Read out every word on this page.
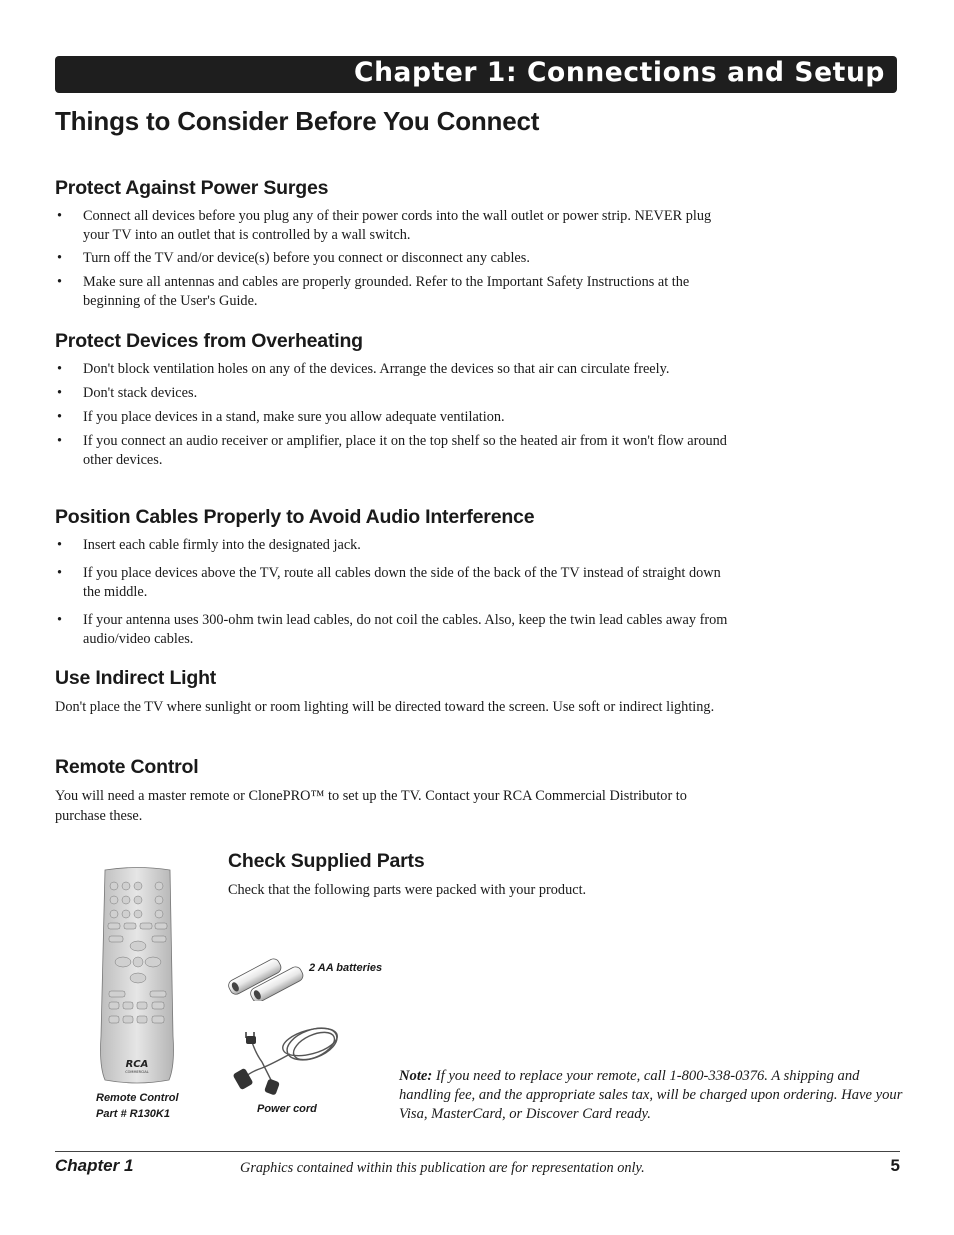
Chapter 1: Connections and Setup
Things to Consider Before You Connect
Protect Against Power Surges
• Connect all devices before you plug any of their power cords into the wall outlet or power strip. NEVER plug your TV into an outlet that is controlled by a wall switch.
• Turn off the TV and/or device(s) before you connect or disconnect any cables.
• Make sure all antennas and cables are properly grounded. Refer to the Important Safety Instructions at the beginning of the User's Guide.
Protect Devices from Overheating
• Don't block ventilation holes on any of the devices. Arrange the devices so that air can circulate freely.
• Don't stack devices.
• If you place devices in a stand, make sure you allow adequate ventilation.
• If you connect an audio receiver or amplifier, place it on the top shelf so the heated air from it won't flow around other devices.
Position Cables Properly to Avoid Audio Interference
• Insert each cable firmly into the designated jack.
• If you place devices above the TV, route all cables down the side of the back of the TV instead of straight down the middle.
• If your antenna uses 300-ohm twin lead cables, do not coil the cables. Also, keep the twin lead cables away from audio/video cables.
Use Indirect Light

Don't place the TV where sunlight or room lighting will be directed toward the screen. Use soft or indirect lighting.

Remote Control

You will need a master remote or ClonePRO™ to set up the TV. Contact your RCA Commercial Distributor to purchase these.

Check Supplied Parts

Check that the following parts were packed with your product.

RCA
COMMERCIAL
Remote Control
Part # R130K1
2 AA batteries
Power cord
Note: If you need to replace your remote, call 1-800-338-0376. A shipping and handling fee, and the appropriate sales tax, will be charged upon ordering. Have your Visa, MasterCard, or Discover Card ready.
Chapter 1	Graphics contained within this publication are for representation only.	5
